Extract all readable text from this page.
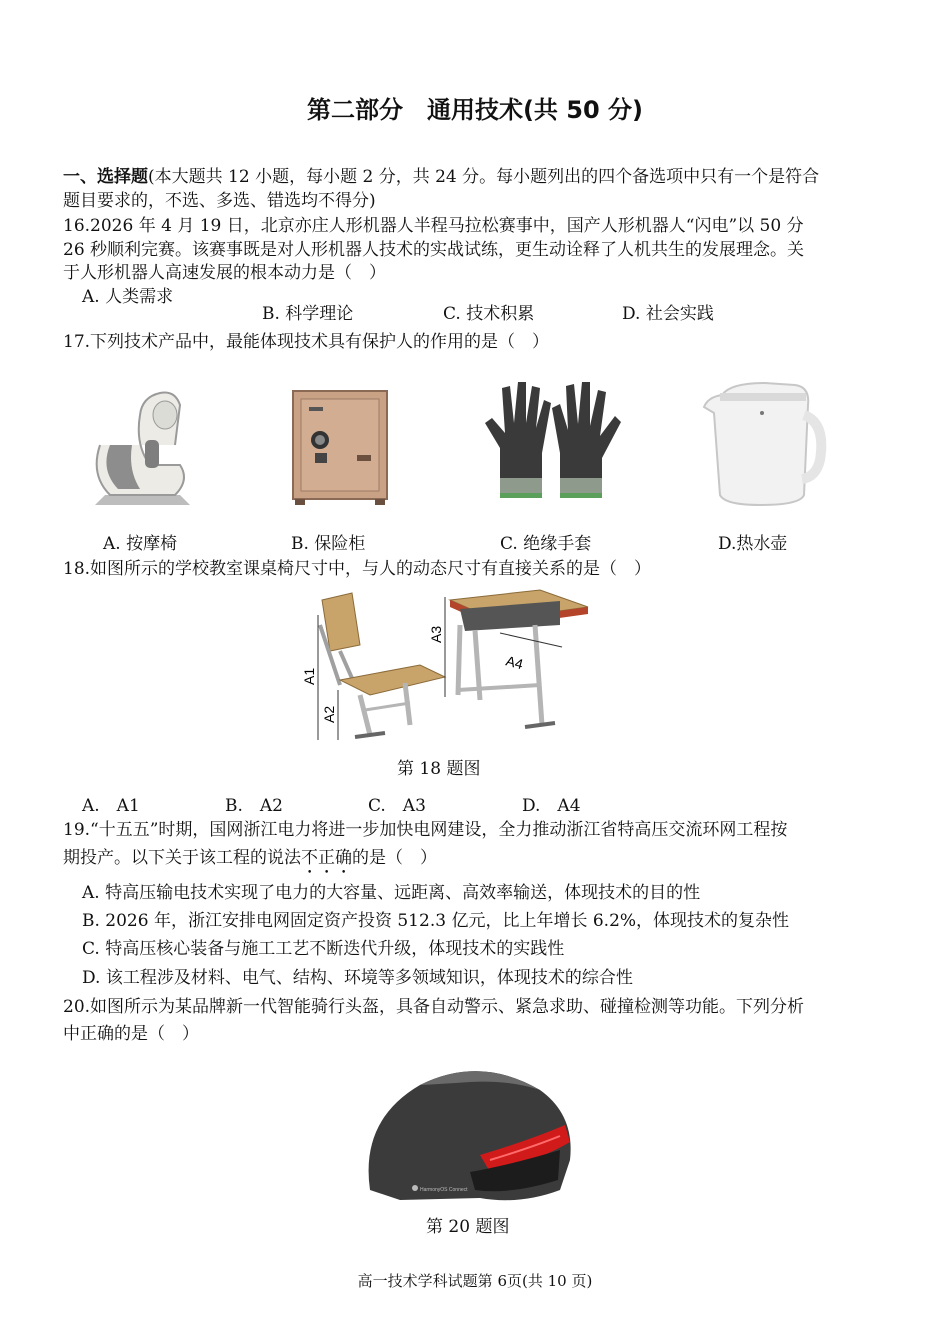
第二部分　通用技术(共 50 分)
一、选择题(本大题共 12 小题，每小题 2 分，共 24 分。每小题列出的四个备选项中只有一个是符合
题目要求的，不选、多选、错选均不得分)
16.2026 年 4 月 19 日，北京亦庄人形机器人半程马拉松赛事中，国产人形机器人“闪电”以 50 分
26 秒顺利完赛。该赛事既是对人形机器人技术的实战试练，更生动诠释了人机共生的发展理念。关
于人形机器人高速发展的根本动力是（　）
A. 人类需求
B. 科学理论	C. 技术积累	D. 社会实践
17.下列技术产品中，最能体现技术具有保护人的作用的是（　）
A. 按摩椅	B. 保险柜	C. 绝缘手套	D.热水壶
18.如图所示的学校教室课桌椅尺寸中，与人的动态尺寸有直接关系的是（　）
A1
A2
A3
A4
第 18 题图
A.　A1	B.　A2	C.　A3	D.　A4
19.“十五五”时期，国网浙江电力将进一步加快电网建设，全力推动浙江省特高压交流环网工程按
期投产。以下关于该工程的说法不正确的是（　）
A. 特高压输电技术实现了电力的大容量、远距离、高效率输送，体现技术的目的性
B. 2026 年，浙江安排电网固定资产投资 512.3 亿元，比上年增长 6.2%，体现技术的复杂性
C. 特高压核心装备与施工工艺不断迭代升级，体现技术的实践性
D. 该工程涉及材料、电气、结构、环境等多领域知识，体现技术的综合性
20.如图所示为某品牌新一代智能骑行头盔，具备自动警示、紧急求助、碰撞检测等功能。下列分析
中正确的是（　）
HarmonyOS Connect
第 20 题图
高一技术学科试题第 6页(共 10 页)
